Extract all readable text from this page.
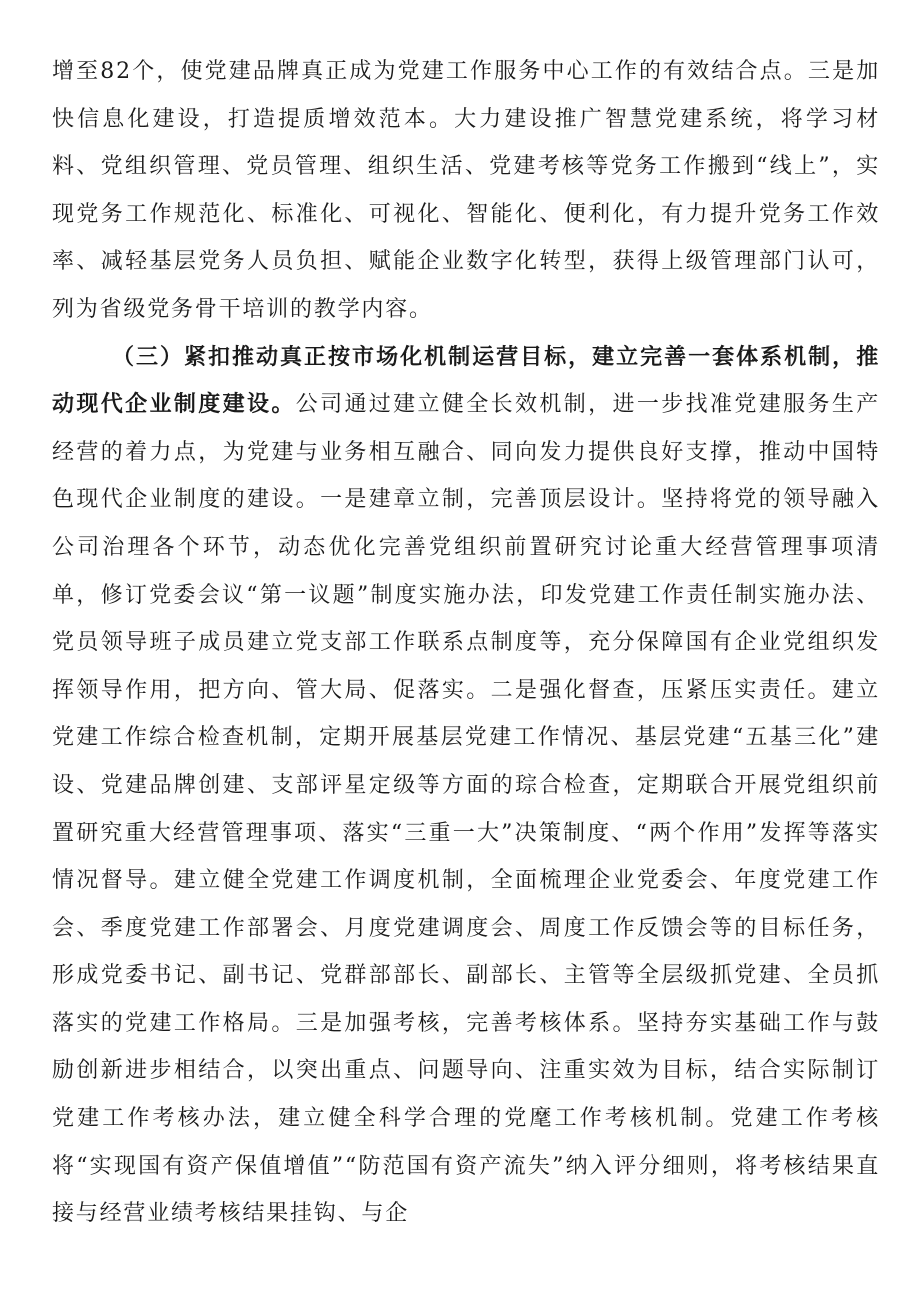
增至82个，使党建品牌真正成为党建工作服务中心工作的有效结合点。三是加快信息化建设，打造提质增效范本。大力建设推广智慧党建系统，将学习材料、党组织管理、党员管理、组织生活、党建考核等党务工作搬到“线上”，实现党务工作规范化、标准化、可视化、智能化、便利化，有力提升党务工作效率、减轻基层党务人员负担、赋能企业数字化转型，获得上级管理部门认可，列为省级党务骨干培训的教学内容。

（三）紧扣推动真正按市场化机制运营目标，建立完善一套体系机制，推动现代企业制度建设。公司通过建立健全长效机制，进一步找准党建服务生产经营的着力点，为党建与业务相互融合、同向发力提供良好支撑，推动中国特色现代企业制度的建设。一是建章立制，完善顶层设计。坚持将党的领导融入公司治理各个环节，动态优化完善党组织前置研究讨论重大经营管理事项清单，修订党委会议“第一议题”制度实施办法，印发党建工作责任制实施办法、党员领导班子成员建立党支部工作联系点制度等，充分保障国有企业党组织发挥领导作用，把方向、管大局、促落实。二是强化督查，压紧压实责任。建立党建工作综合检查机制，定期开展基层党建工作情况、基层党建“五基三化”建设、党建品牌创建、支部评星定级等方面的琮合检查，定期联合开展党组织前置研究重大经营管理事项、落实“三重一大”决策制度、“两个作用”发挥等落实情况督导。建立健全党建工作调度机制，全面梳理企业党委会、年度党建工作会、季度党建工作部署会、月度党建调度会、周度工作反馈会等的目标任务，形成党委书记、副书记、党群部部长、副部长、主管等全层级抓党建、全员抓落实的党建工作格局。三是加强考核，完善考核体系。坚持夯实基础工作与鼓励创新进步相结合，以突出重点、问题导向、注重实效为目标，结合实际制订党建工作考核办法，建立健全科学合理的党麾工作考核机制。党建工作考核将“实现国有资产保值增值”“防范国有资产流失”纳入评分细则，将考核结果直接与经营业绩考核结果挂钩、与企
